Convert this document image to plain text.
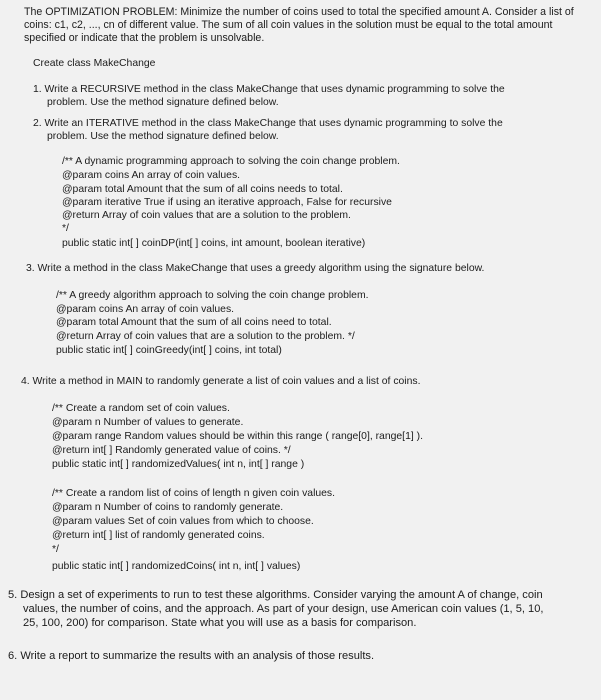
The OPTIMIZATION PROBLEM: Minimize the number of coins used to total the specified amount A. Consider a list of coins: c1, c2, ..., cn of different value. The sum of all coin values in the solution must be equal to the total amount specified or indicate that the problem is unsolvable.
Create class MakeChange
1. Write a RECURSIVE method in the class MakeChange that uses dynamic programming to solve the
problem. Use the method signature defined below.
2. Write an ITERATIVE method in the class MakeChange that uses dynamic programming to solve the
problem. Use the method signature defined below.
/** A dynamic programming approach to solving the coin change problem.
@param coins An array of coin values.
@param total Amount that the sum of all coins needs to total.
@param iterative True if using an iterative approach, False for recursive
@return Array of coin values that are a solution to the problem.
*/
public static int[ ] coinDP(int[ ] coins, int amount, boolean iterative)
3. Write a method in the class MakeChange that uses a greedy algorithm using the signature below.
/** A greedy algorithm approach to solving the coin change problem.
@param coins An array of coin values.
@param total Amount that the sum of all coins need to total.
@return Array of coin values that are a solution to the problem. */
public static int[ ] coinGreedy(int[ ] coins, int total)
4. Write a method in MAIN to randomly generate a list of coin values and a list of coins.
/** Create a random set of coin values.
@param n Number of values to generate.
@param range Random values should be within this range ( range[0], range[1] ).
@return int[ ] Randomly generated value of coins. */
public static int[ ] randomizedValues( int n, int[ ] range )
/** Create a random list of coins of length n given coin values.
@param n Number of coins to randomly generate.
@param values Set of coin values from which to choose.
@return int[ ] list of randomly generated coins.
*/
public static int[ ] randomizedCoins( int n, int[ ] values)
5. Design a set of experiments to run to test these algorithms. Consider varying the amount A of change, coin
values, the number of coins, and the approach. As part of your design, use American coin values (1, 5, 10,
25, 100, 200) for comparison. State what you will use as a basis for comparison.
6. Write a report to summarize the results with an analysis of those results.
